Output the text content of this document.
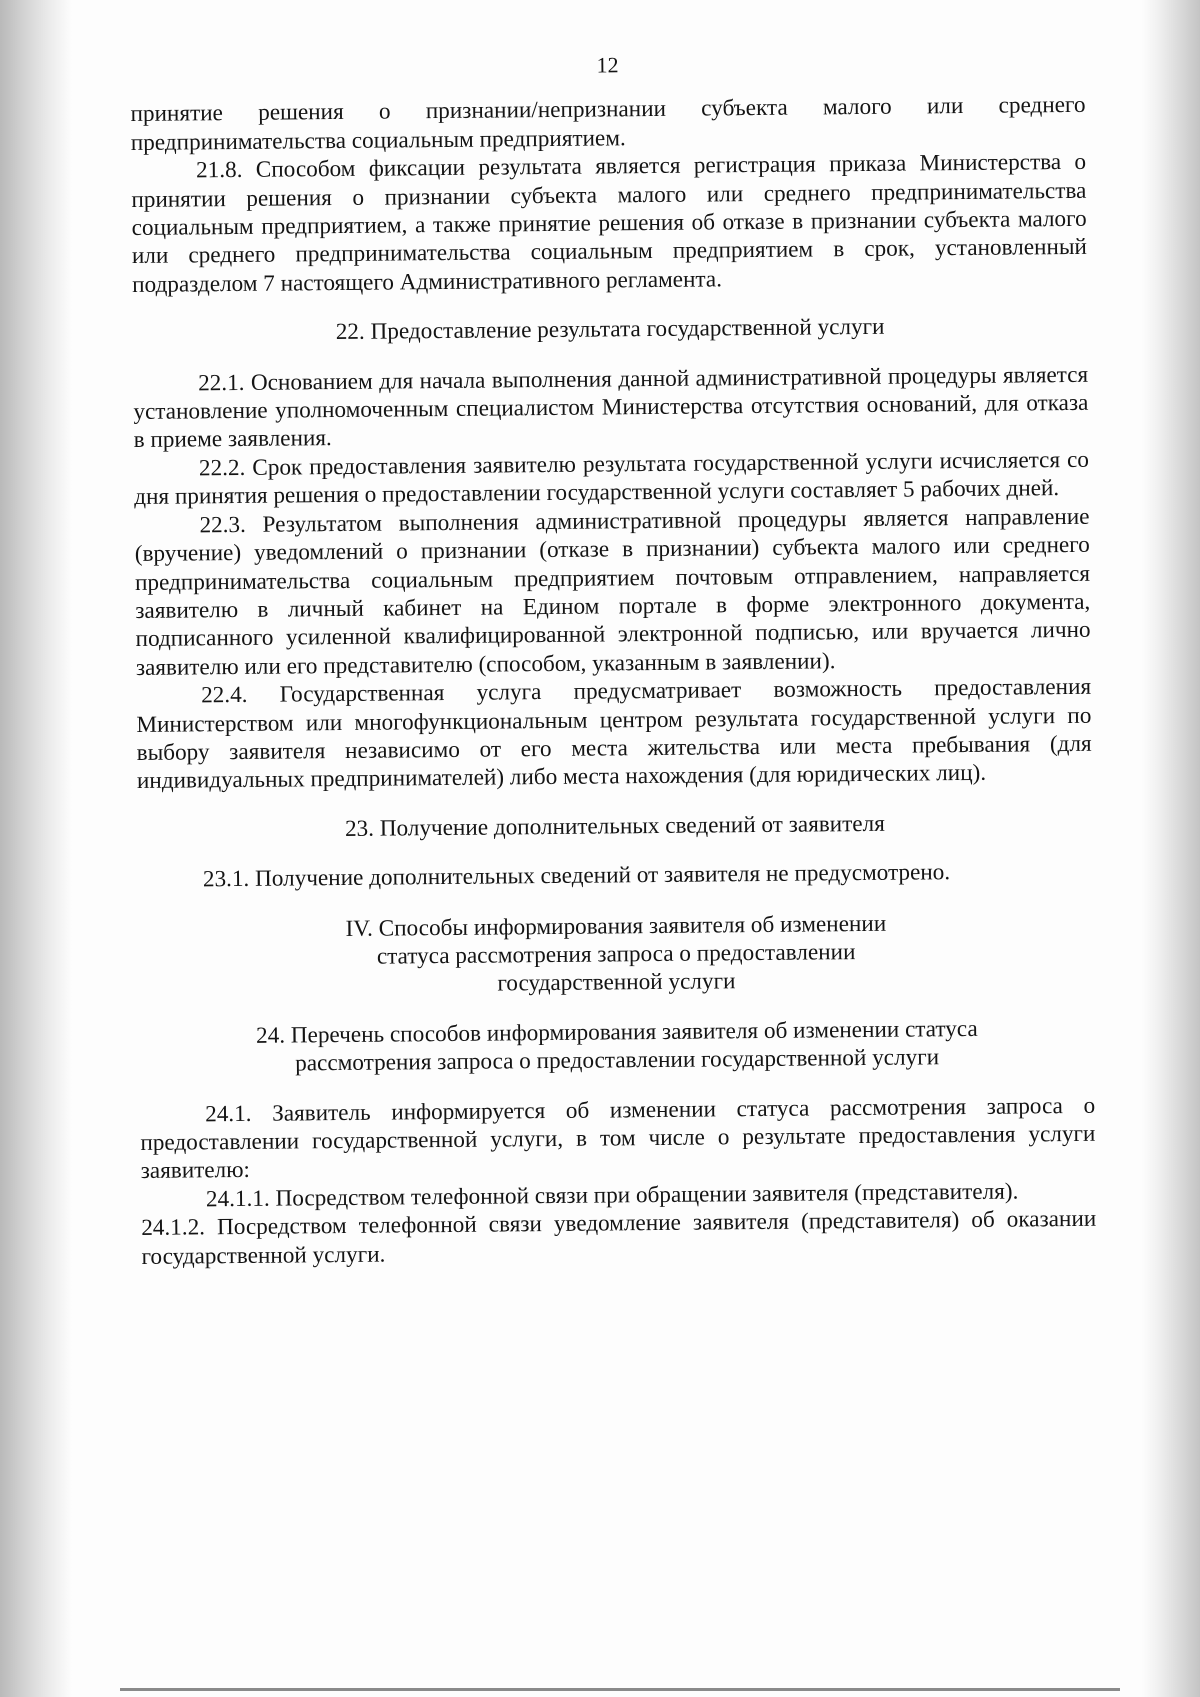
12

принятие решения о признании/непризнании субъекта малого или среднего предпринимательства социальным предприятием.

21.8. Способом фиксации результата является регистрация приказа Министерства о принятии решения о признании субъекта малого или среднего предпринимательства социальным предприятием, а также принятие решения об отказе в признании субъекта малого или среднего предпринимательства социальным предприятием в срок, установленный подразделом 7 настоящего Административного регламента.

22. Предоставление результата государственной услуги

22.1. Основанием для начала выполнения данной административной процедуры является установление уполномоченным специалистом Министерства отсутствия оснований, для отказа в приеме заявления.

22.2. Срок предоставления заявителю результата государственной услуги исчисляется со дня принятия решения о предоставлении государственной услуги составляет 5 рабочих дней.

22.3. Результатом выполнения административной процедуры является направление (вручение) уведомлений о признании (отказе в признании) субъекта малого или среднего предпринимательства социальным предприятием почтовым отправлением, направляется заявителю в личный кабинет на Едином портале в форме электронного документа, подписанного усиленной квалифицированной электронной подписью, или вручается лично заявителю или его представителю (способом, указанным в заявлении).

22.4. Государственная услуга предусматривает возможность предоставления Министерством или многофункциональным центром результата государственной услуги по выбору заявителя независимо от его места жительства или места пребывания (для индивидуальных предпринимателей) либо места нахождения (для юридических лиц).

23. Получение дополнительных сведений от заявителя

23.1. Получение дополнительных сведений от заявителя не предусмотрено.

IV. Способы информирования заявителя об изменении
статуса рассмотрения запроса о предоставлении
государственной услуги
24. Перечень способов информирования заявителя об изменении статуса
рассмотрения запроса о предоставлении государственной услуги

24.1. Заявитель информируется об изменении статуса рассмотрения запроса о предоставлении государственной услуги, в том числе о результате предоставления услуги заявителю:

24.1.1. Посредством телефонной связи при обращении заявителя (представителя).

24.1.2. Посредством телефонной связи уведомление заявителя (представителя) об оказании государственной услуги.
